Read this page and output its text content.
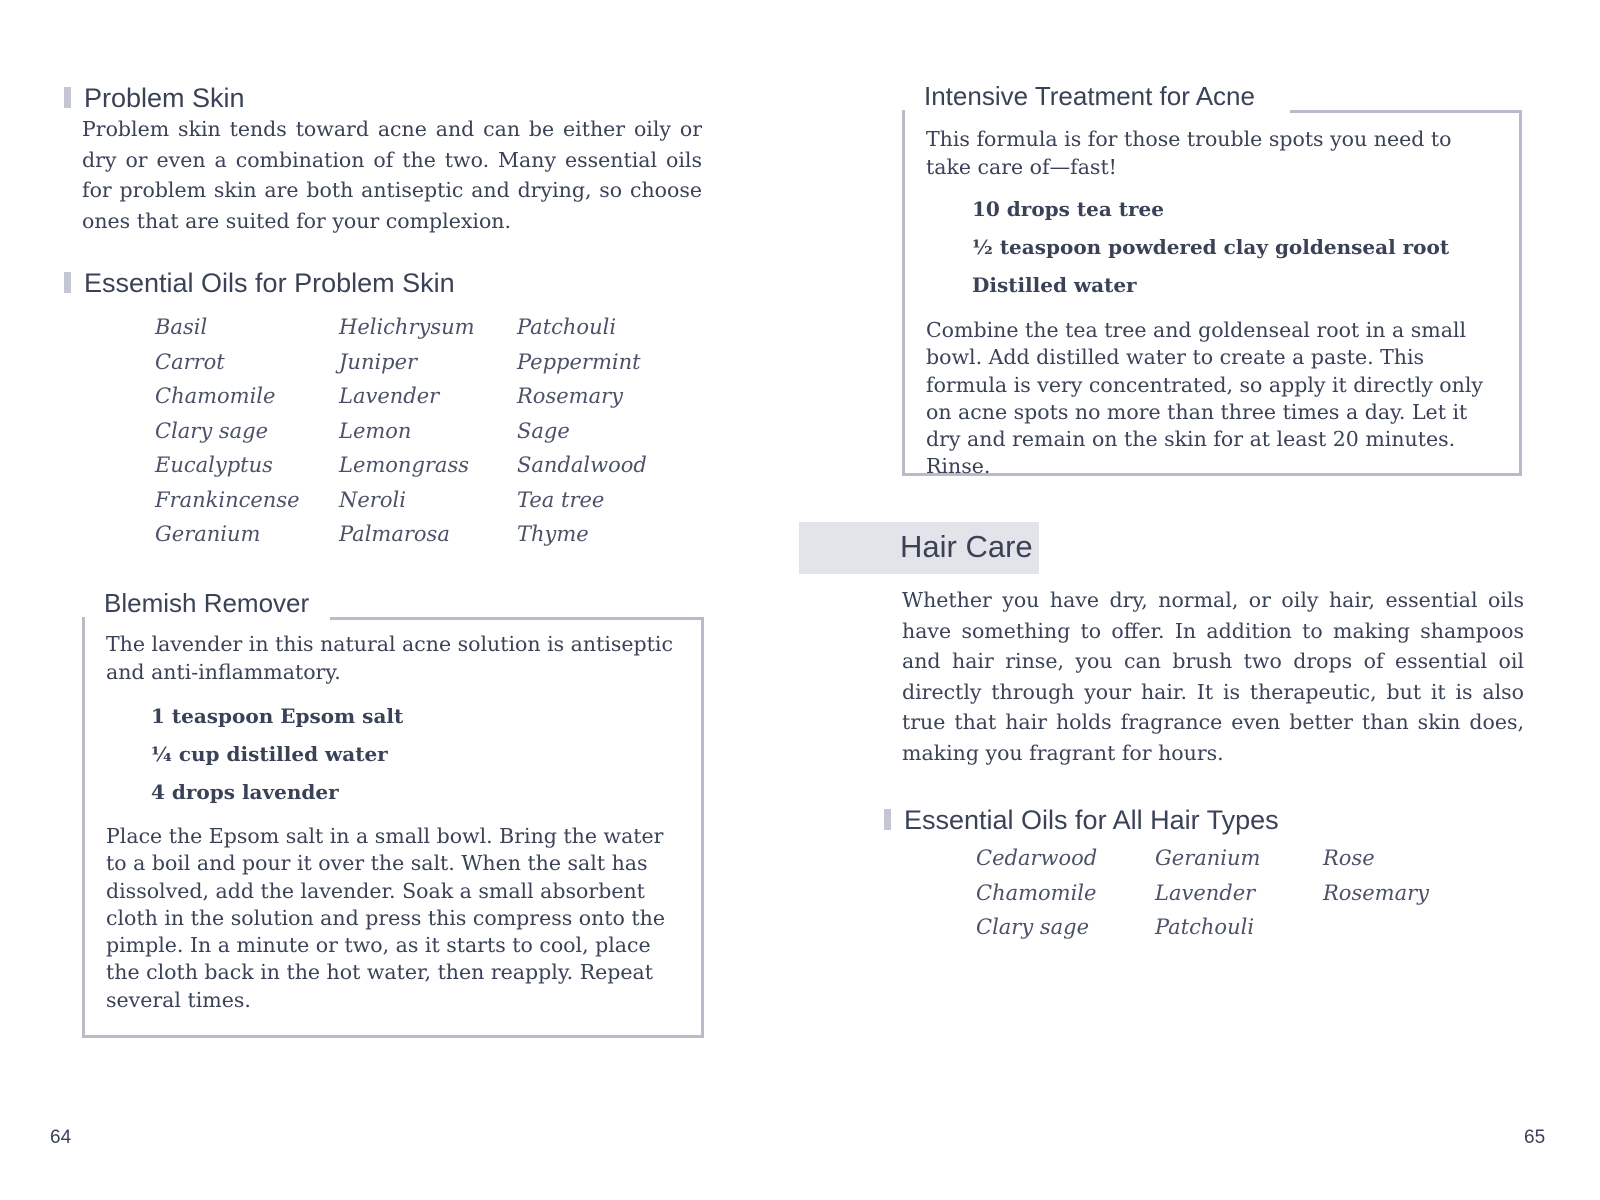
Problem Skin

Problem skin tends toward acne and can be either oily or dry or even a combination of the two. Many essential oils for problem skin are both antiseptic and drying, so choose ones that are suited for your complexion.

Essential Oils for Problem Skin
Basil
Carrot
Chamomile
Clary sage
Eucalyptus
Frankincense
Geranium
Helichrysum
Juniper
Lavender
Lemon
Lemongrass
Neroli
Palmarosa
Patchouli
Peppermint
Rosemary
Sage
Sandalwood
Tea tree
Thyme
Blemish Remover

The lavender in this natural acne solution is antiseptic and anti-inflammatory.

1 teaspoon Epsom salt
¼ cup distilled water
4 drops lavender

Place the Epsom salt in a small bowl. Bring the water to a boil and pour it over the salt. When the salt has dissolved, add the lavender. Soak a small absorbent cloth in the solution and press this compress onto the pimple. In a minute or two, as it starts to cool, place the cloth back in the hot water, then reapply. Repeat several times.

64
Intensive Treatment for Acne

This formula is for those trouble spots you need to take care of—fast!

10 drops tea tree
½ teaspoon powdered clay goldenseal root
Distilled water

Combine the tea tree and goldenseal root in a small bowl. Add distilled water to create a paste. This formula is very concentrated, so apply it directly only on acne spots no more than three times a day. Let it dry and remain on the skin for at least 20 minutes. Rinse.

Hair Care

Whether you have dry, normal, or oily hair, essential oils have something to offer. In addition to making shampoos and hair rinse, you can brush two drops of essential oil directly through your hair. It is therapeutic, but it is also true that hair holds fragrance even better than skin does, making you fragrant for hours.

Essential Oils for All Hair Types
Cedarwood
Chamomile
Clary sage
Geranium
Lavender
Patchouli
Rose
Rosemary
65
